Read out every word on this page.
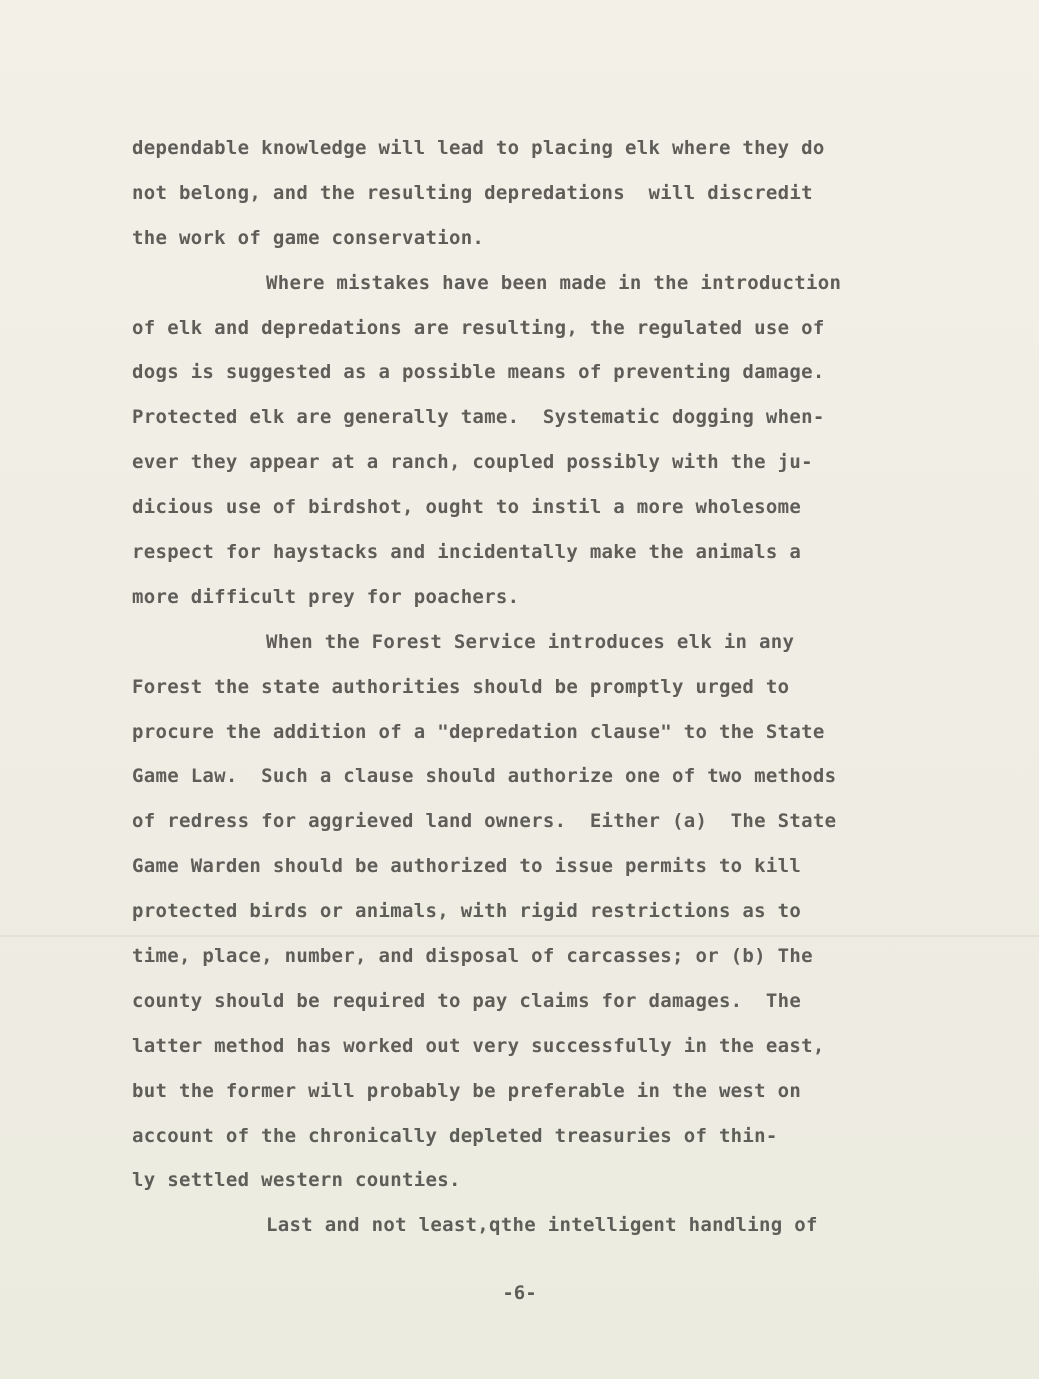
dependable knowledge will lead to placing elk where they do
not belong, and the resulting depredations  will discredit
the work of game conservation.
Where mistakes have been made in the introduction
of elk and depredations are resulting, the regulated use of
dogs is suggested as a possible means of preventing damage.
Protected elk are generally tame.  Systematic dogging when-
ever they appear at a ranch, coupled possibly with the ju-
dicious use of birdshot, ought to instil a more wholesome
respect for haystacks and incidentally make the animals a
more difficult prey for poachers.
When the Forest Service introduces elk in any
Forest the state authorities should be promptly urged to
procure the addition of a "depredation clause" to the State
Game Law.  Such a clause should authorize one of two methods
of redress for aggrieved land owners.  Either (a)  The State
Game Warden should be authorized to issue permits to kill
protected birds or animals, with rigid restrictions as to
time, place, number, and disposal of carcasses; or (b) The
county should be required to pay claims for damages.  The
latter method has worked out very successfully in the east,
but the former will probably be preferable in the west on
account of the chronically depleted treasuries of thin-
ly settled western counties.
Last and not least,qthe intelligent handling of
-6-
